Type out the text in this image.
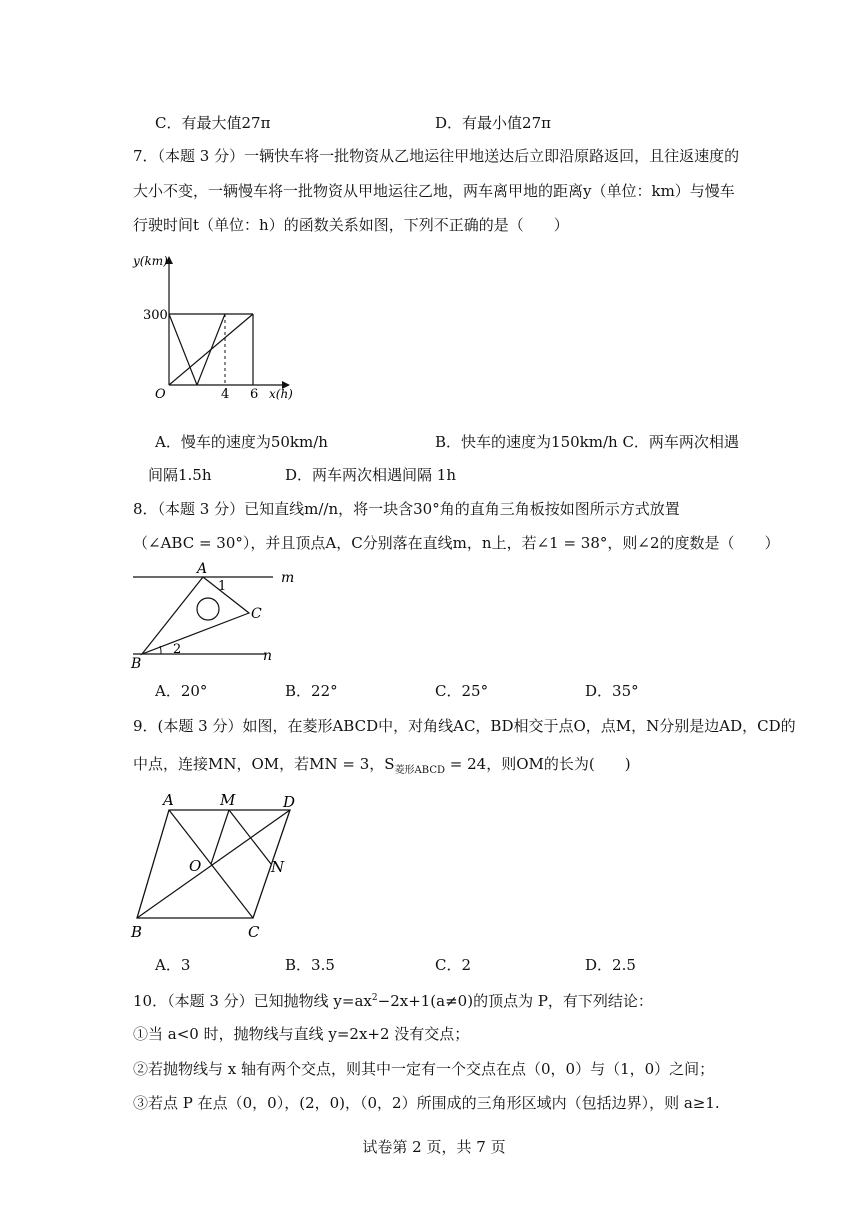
C．有最大值27π	D．有最小值27π
7．（本题 3 分）一辆快车将一批物资从乙地运往甲地送达后立即沿原路返回，且往返速度的
大小不变，一辆慢车将一批物资从甲地运往乙地，两车离甲地的距离y（单位：km）与慢车
行驶时间t（单位：h）的函数关系如图，下列不正确的是（　　）
y(km)
300
O	4 6 x(h)
A．慢车的速度为50km/h	B．快车的速度为150km/h C．两车两次相遇
间隔1.5h	D．两车两次相遇间隔 1h
8．（本题 3 分）已知直线m//n，将一块含30°角的直角三角板按如图所示方式放置
（∠ABC = 30°），并且顶点A，C分别落在直线m，n上，若∠1 = 38°，则∠2的度数是（　　）
A
1
C
B
2
m
n
A．20°	B．22°	C．25°	D．35°
9．(本题 3 分）如图，在菱形ABCD中，对角线AC，BD相交于点O，点M，N分别是边AD，CD的
中点，连接MN，OM，若MN = 3，$S_{菱形ABCD} = 24$，则OM的长为(　　)
A	M	D
O	N
B	C
A．3	B．3.5	C．2	D．2.5
10．（本题 3 分）已知抛物线 $y=ax^2-2x+1(a\ne 0)$的顶点为 P，有下列结论：
①当 a<0 时，抛物线与直线 y=2x+2 没有交点；
②若抛物线与 x 轴有两个交点，则其中一定有一个交点在点（0，0）与（1，0）之间；
③若点 P 在点（0，0），(2，0)，（0，2）所围成的三角形区域内（包括边界），则 a≥1.
试卷第 2 页，共 7 页
